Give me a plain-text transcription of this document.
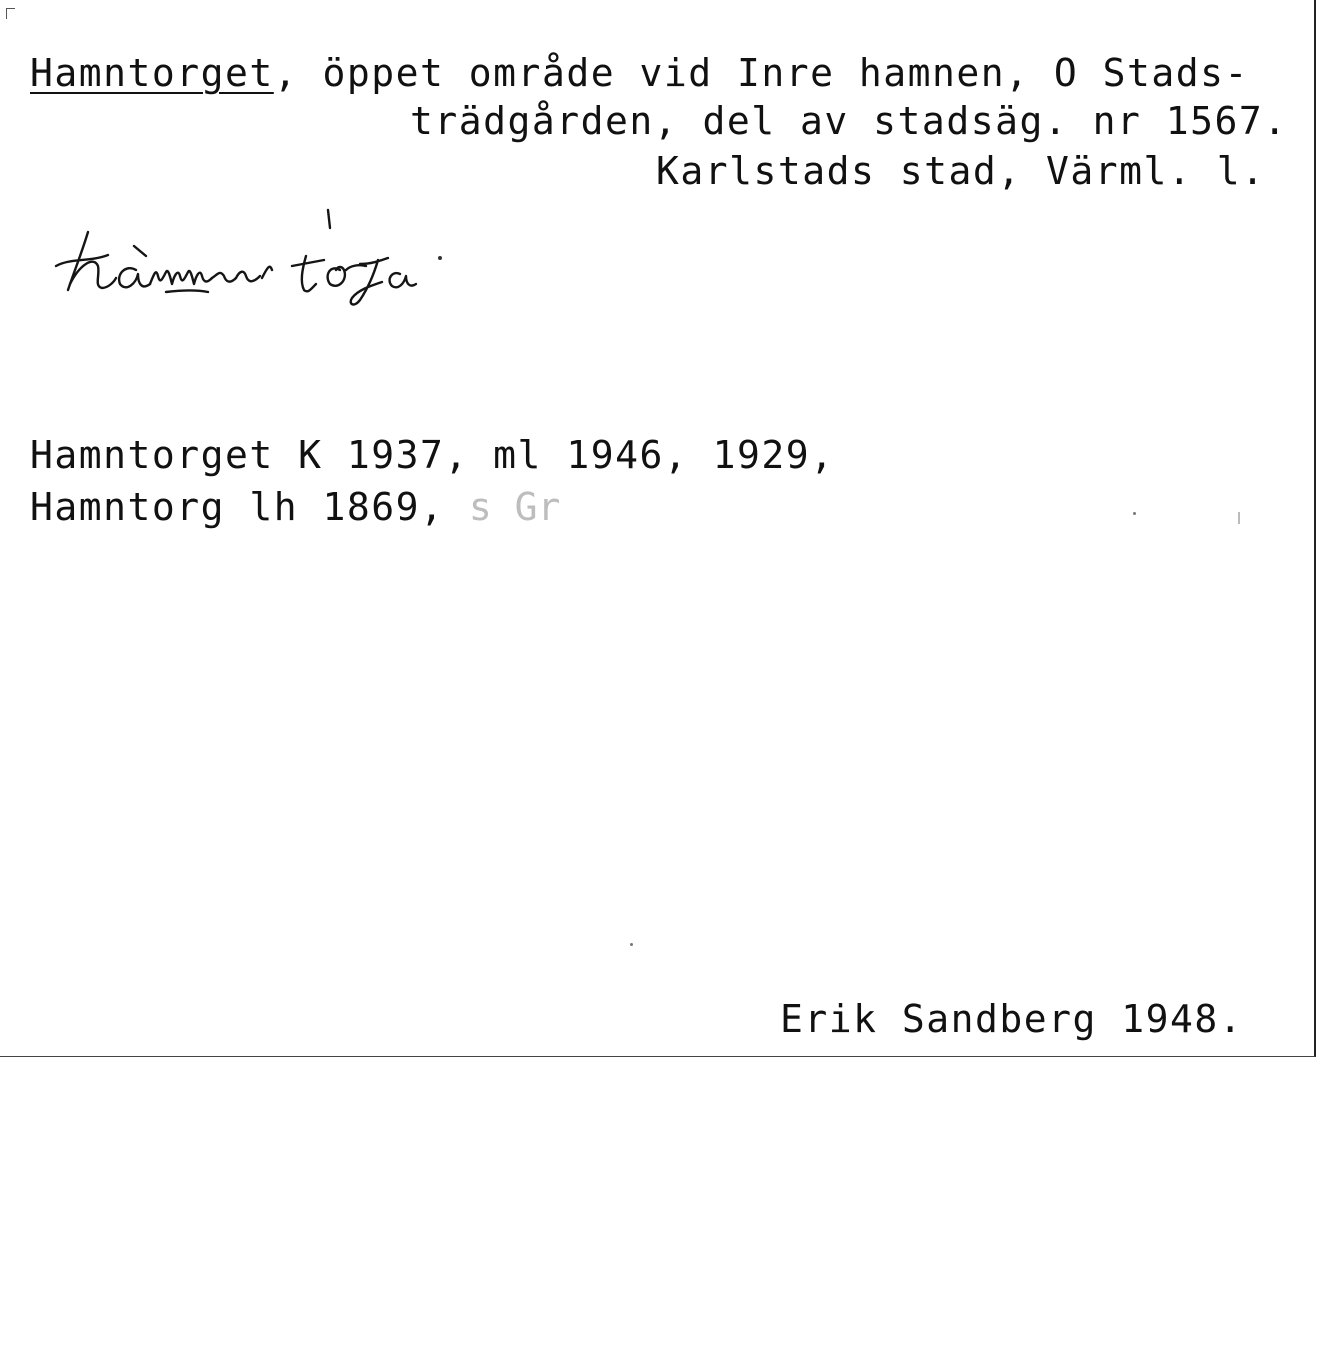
Hamntorget, öppet område vid Inre hamnen, O Stads-
trädgården, del av stadsäg. nr 1567.
Karlstads stad, Värml. l.
Hamntorget K 1937, ml 1946, 1929,
Hamntorg lh 1869, s Gr
Erik Sandberg 1948.
